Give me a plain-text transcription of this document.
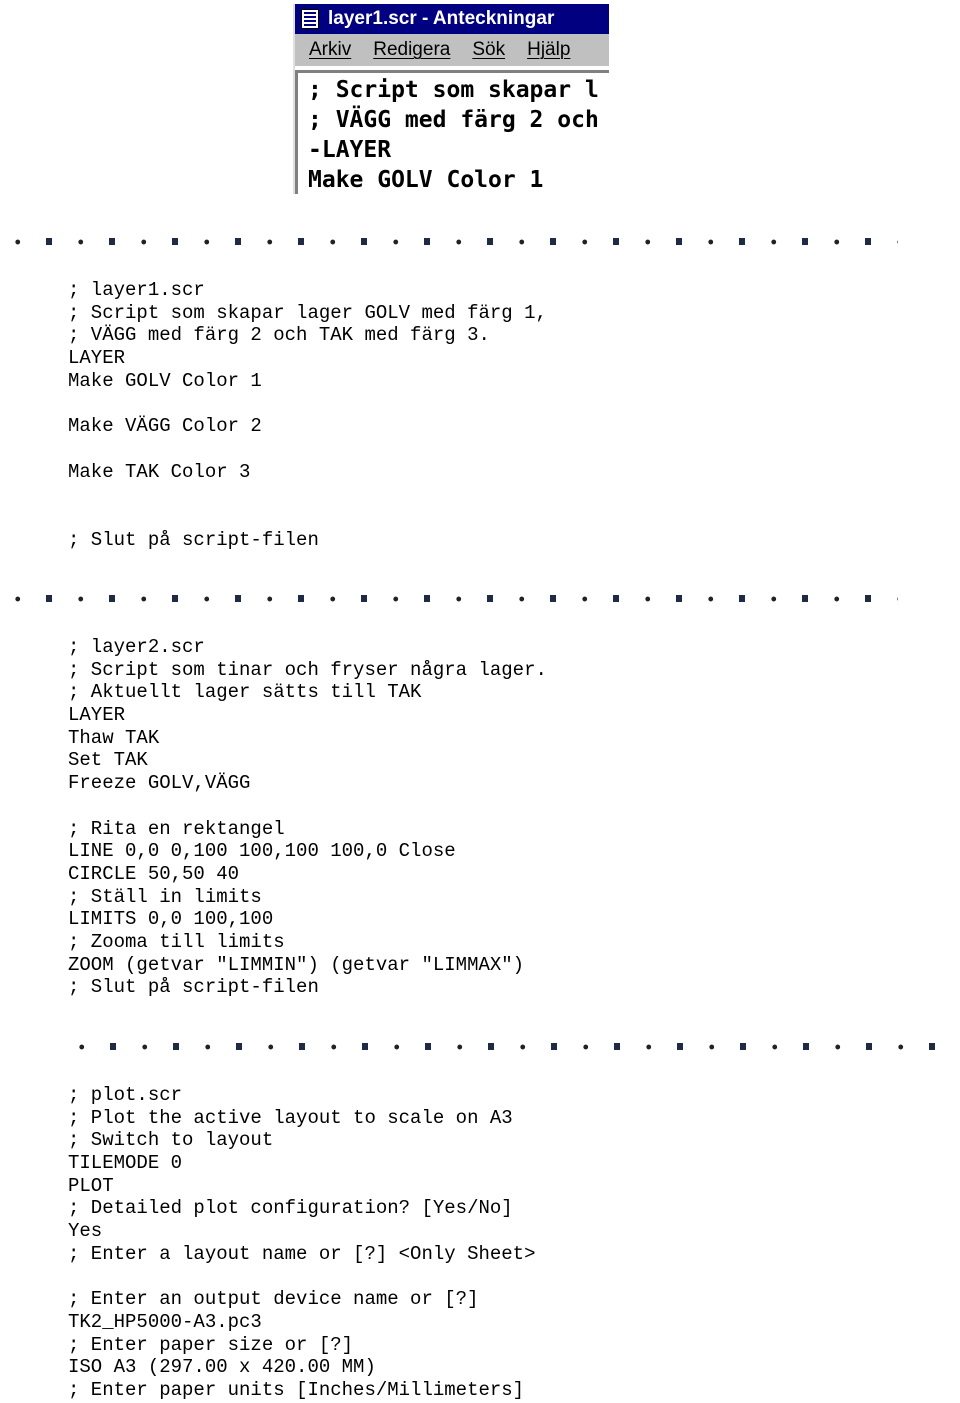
layer1.scr - Anteckningar
Arkiv Redigera Sök Hjälp
; Script som skapar l
; VÄGG med färg 2 och
-LAYER
Make GOLV Color 1
; layer1.scr
; Script som skapar lager GOLV med färg 1,
; VÄGG med färg 2 och TAK med färg 3.
LAYER
Make GOLV Color 1
Make VÄGG Color 2
Make TAK Color 3
; Slut på script-filen
; layer2.scr
; Script som tinar och fryser några lager.
; Aktuellt lager sätts till TAK
LAYER
Thaw TAK
Set TAK
Freeze GOLV,VÄGG
; Rita en rektangel
LINE 0,0 0,100 100,100 100,0 Close
CIRCLE 50,50 40
; Ställ in limits
LIMITS 0,0 100,100
; Zooma till limits
ZOOM (getvar "LIMMIN") (getvar "LIMMAX")
; Slut på script-filen
; plot.scr
; Plot the active layout to scale on A3
; Switch to layout
TILEMODE 0
PLOT
; Detailed plot configuration? [Yes/No]
Yes
; Enter a layout name or [?] <Only Sheet>
; Enter an output device name or [?]
TK2_HP5000-A3.pc3
; Enter paper size or [?]
ISO A3 (297.00 x 420.00 MM)
; Enter paper units [Inches/Millimeters]
